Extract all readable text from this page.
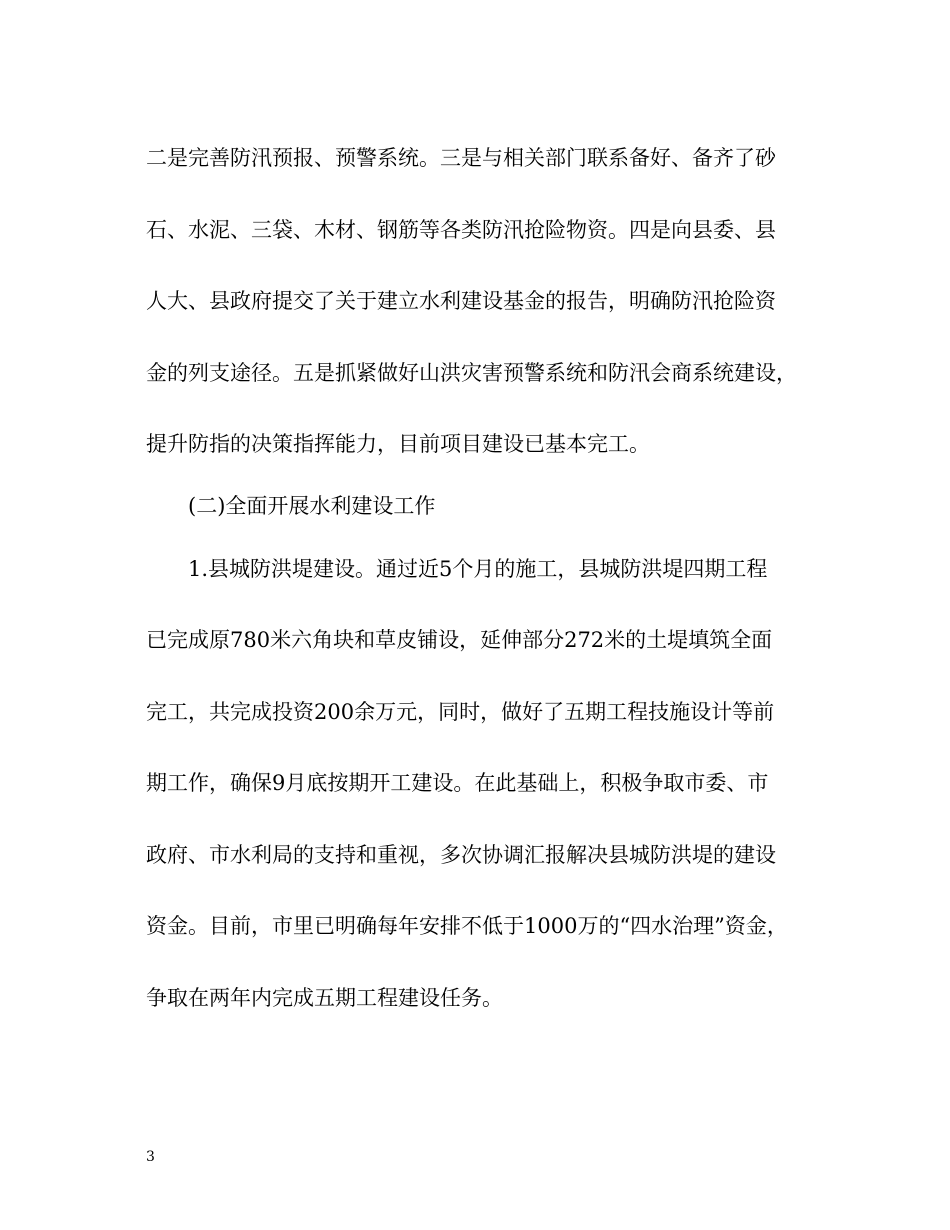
二是完善防汛预报、预警系统。三是与相关部门联系备好、备齐了砂
石、水泥、三袋、木材、钢筋等各类防汛抢险物资。四是向县委、县
人大、县政府提交了关于建立水利建设基金的报告，明确防汛抢险资
金的列支途径。五是抓紧做好山洪灾害预警系统和防汛会商系统建设，
提升防指的决策指挥能力，目前项目建设已基本完工。
(二)全面开展水利建设工作
1.县城防洪堤建设。通过近5个月的施工，县城防洪堤四期工程
已完成原780米六角块和草皮铺设，延伸部分272米的土堤填筑全面
完工，共完成投资200余万元，同时，做好了五期工程技施设计等前
期工作，确保9月底按期开工建设。在此基础上，积极争取市委、市
政府、市水利局的支持和重视，多次协调汇报解决县城防洪堤的建设
资金。目前，市里已明确每年安排不低于1000万的“四水治理”资金，
争取在两年内完成五期工程建设任务。
3
